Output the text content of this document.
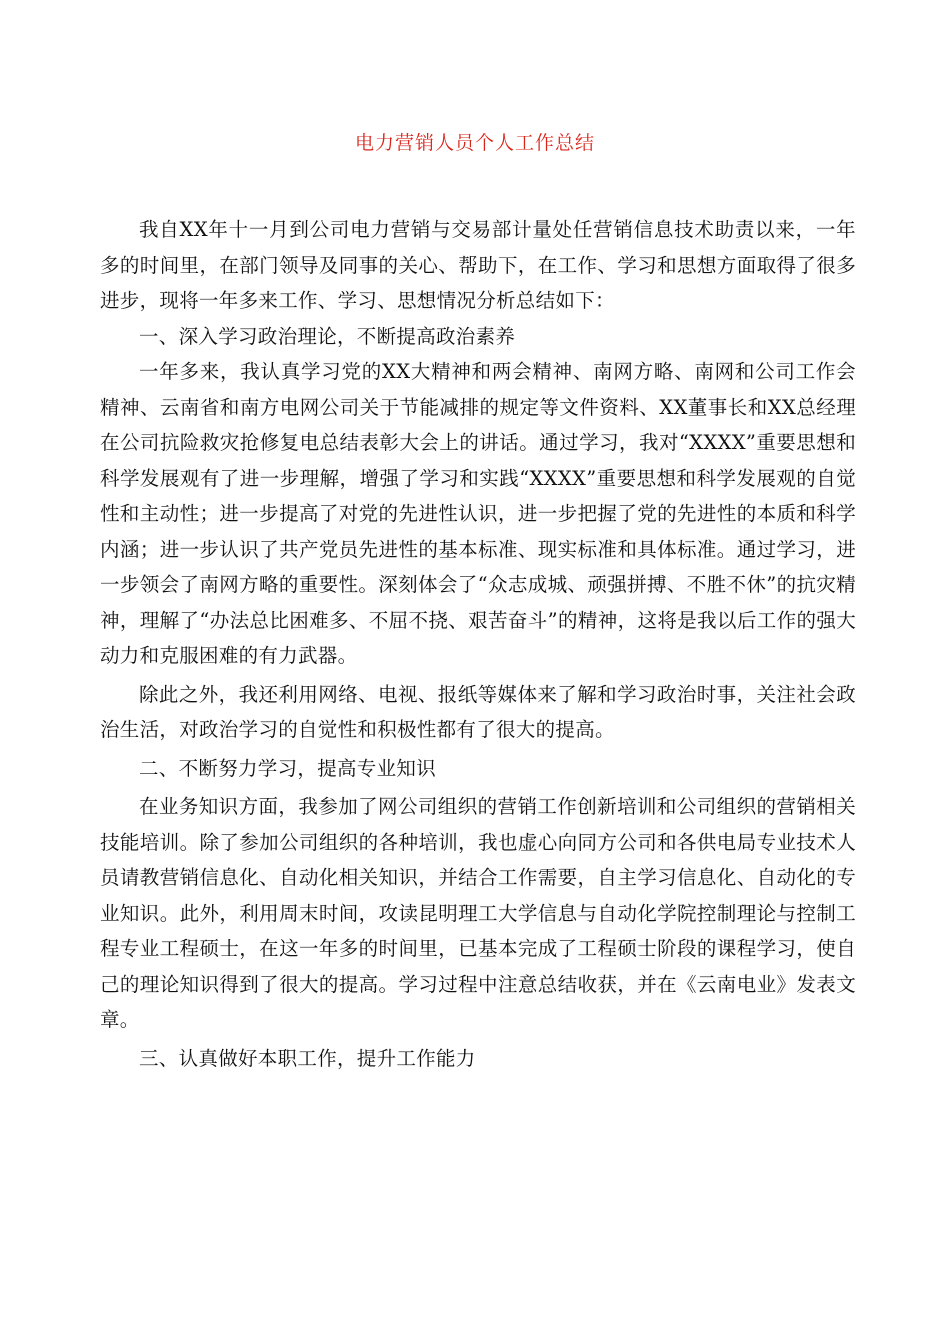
电力营销人员个人工作总结

我自XX年十一月到公司电力营销与交易部计量处任营销信息技术助责以来，一年多的时间里，在部门领导及同事的关心、帮助下，在工作、学习和思想方面取得了很多进步，现将一年多来工作、学习、思想情况分析总结如下：

一、深入学习政治理论，不断提高政治素养

一年多来，我认真学习党的XX大精神和两会精神、南网方略、南网和公司工作会精神、云南省和南方电网公司关于节能减排的规定等文件资料、XX董事长和XX总经理在公司抗险救灾抢修复电总结表彰大会上的讲话。通过学习，我对“XXXX”重要思想和科学发展观有了进一步理解，增强了学习和实践“XXXX”重要思想和科学发展观的自觉性和主动性；进一步提高了对党的先进性认识，进一步把握了党的先进性的本质和科学内涵；进一步认识了共产党员先进性的基本标准、现实标准和具体标准。通过学习，进一步领会了南网方略的重要性。深刻体会了“众志成城、顽强拼搏、不胜不休”的抗灾精神，理解了“办法总比困难多、不屈不挠、艰苦奋斗”的精神，这将是我以后工作的强大动力和克服困难的有力武器。

除此之外，我还利用网络、电视、报纸等媒体来了解和学习政治时事，关注社会政治生活，对政治学习的自觉性和积极性都有了很大的提高。

二、不断努力学习，提高专业知识

在业务知识方面，我参加了网公司组织的营销工作创新培训和公司组织的营销相关技能培训。除了参加公司组织的各种培训，我也虚心向同方公司和各供电局专业技术人员请教营销信息化、自动化相关知识，并结合工作需要，自主学习信息化、自动化的专业知识。此外，利用周末时间，攻读昆明理工大学信息与自动化学院控制理论与控制工程专业工程硕士，在这一年多的时间里，已基本完成了工程硕士阶段的课程学习，使自己的理论知识得到了很大的提高。学习过程中注意总结收获，并在《云南电业》发表文章。

三、认真做好本职工作，提升工作能力
